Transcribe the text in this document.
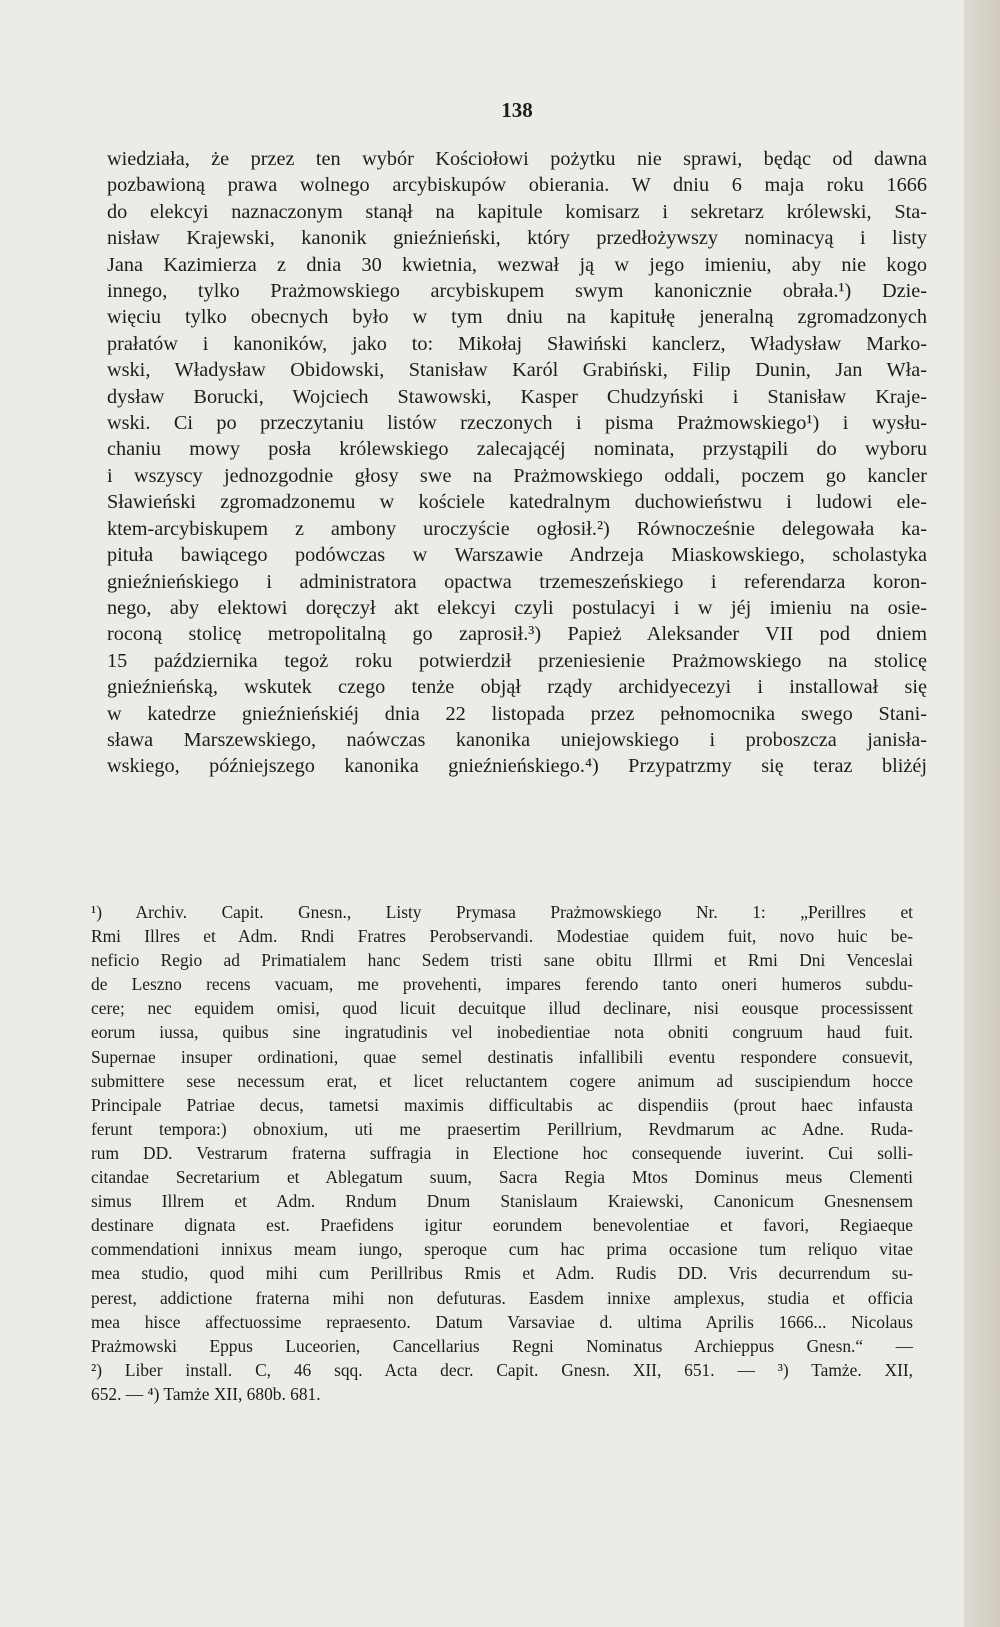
138
wiedziała, że przez ten wybór Kościołowi pożytku nie sprawi, będąc od dawna
pozbawioną prawa wolnego arcybiskupów obierania. W dniu 6 maja roku 1666
do elekcyi naznaczonym stanął na kapitule komisarz i sekretarz królewski, Sta-
nisław Krajewski, kanonik gnieźnieński, który przedłożywszy nominacyą i listy
Jana Kazimierza z dnia 30 kwietnia, wezwał ją w jego imieniu, aby nie kogo
innego, tylko Prażmowskiego arcybiskupem swym kanonicznie obrała.¹) Dzie-
więciu tylko obecnych było w tym dniu na kapitułę jeneralną zgromadzonych
prałatów i kanoników, jako to: Mikołaj Sławiński kanclerz, Władysław Marko-
wski, Władysław Obidowski, Stanisław Karól Grabiński, Filip Dunin, Jan Wła-
dysław Borucki, Wojciech Stawowski, Kasper Chudzyński i Stanisław Kraje-
wski. Ci po przeczytaniu listów rzeczonych i pisma Prażmowskiego¹) i wysłu-
chaniu mowy posła królewskiego zalecającéj nominata, przystąpili do wyboru
i wszyscy jednozgodnie głosy swe na Prażmowskiego oddali, poczem go kancler
Sławieński zgromadzonemu w kościele katedralnym duchowieństwu i ludowi ele-
ktem-arcybiskupem z ambony uroczyście ogłosił.²) Równocześnie delegowała ka-
pituła bawiącego podówczas w Warszawie Andrzeja Miaskowskiego, scholastyka
gnieźnieńskiego i administratora opactwa trzemeszeńskiego i referendarza koron-
nego, aby elektowi doręczył akt elekcyi czyli postulacyi i w jéj imieniu na osie-
roconą stolicę metropolitalną go zaprosił.³) Papież Aleksander VII pod dniem
15 października tegoż roku potwierdził przeniesienie Prażmowskiego na stolicę
gnieźnieńską, wskutek czego tenże objął rządy archidyecezyi i installował się
w katedrze gnieźnieńskiéj dnia 22 listopada przez pełnomocnika swego Stani-
sława Marszewskiego, naówczas kanonika uniejowskiego i proboszcza janisła-
wskiego, późniejszego kanonika gnieźnieńskiego.⁴) Przypatrzmy się teraz bliżéj
¹) Archiv. Capit. Gnesn., Listy Prymasa Prażmowskiego Nr. 1: „Perillres et
Rmi Illres et Adm. Rndi Fratres Perobservandi. Modestiae quidem fuit, novo huic be-
neficio Regio ad Primatialem hanc Sedem tristi sane obitu Illrmi et Rmi Dni Venceslai
de Leszno recens vacuam, me provehenti, impares ferendo tanto oneri humeros subdu-
cere; nec equidem omisi, quod licuit decuitque illud declinare, nisi eousque processissent
eorum iussa, quibus sine ingratudinis vel inobedientiae nota obniti congruum haud fuit.
Supernae insuper ordinationi, quae semel destinatis infallibili eventu respondere consuevit,
submittere sese necessum erat, et licet reluctantem cogere animum ad suscipiendum hocce
Principale Patriae decus, tametsi maximis difficultabis ac dispendiis (prout haec infausta
ferunt tempora:) obnoxium, uti me praesertim Perillrium, Revdmarum ac Adne. Ruda-
rum DD. Vestrarum fraterna suffragia in Electione hoc consequende iuverint. Cui solli-
citandae Secretarium et Ablegatum suum, Sacra Regia Mtos Dominus meus Clementi
simus Illrem et Adm. Rndum Dnum Stanislaum Kraiewski, Canonicum Gnesnensem
destinare dignata est. Praefidens igitur eorundem benevolentiae et favori, Regiaeque
commendationi innixus meam iungo, speroque cum hac prima occasione tum reliquo vitae
mea studio, quod mihi cum Perillribus Rmis et Adm. Rudis DD. Vris decurrendum su-
perest, addictione fraterna mihi non defuturas. Easdem innixe amplexus, studia et officia
mea hisce affectuossime repraesento. Datum Varsaviae d. ultima Aprilis 1666... Nicolaus
Prażmowski Eppus Luceorien, Cancellarius Regni Nominatus Archieppus Gnesn.“ —
²) Liber install. C, 46 sqq. Acta decr. Capit. Gnesn. XII, 651. — ³) Tamże. XII,
652. — ⁴) Tamże XII, 680b. 681.
